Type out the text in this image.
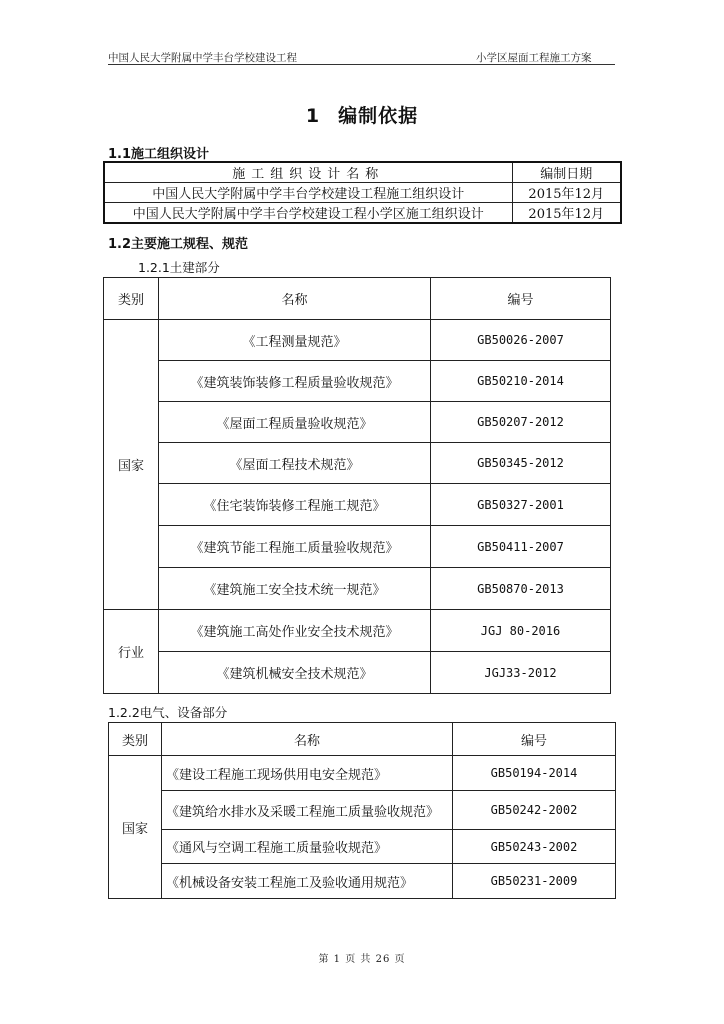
中国人民大学附属中学丰台学校建设工程	小学区屋面工程施工方案
1 编制依据
1.1施工组织设计
施工组织设计名称	编制日期
中国人民大学附属中学丰台学校建设工程施工组织设计	2015年12月
中国人民大学附属中学丰台学校建设工程小学区施工组织设计	2015年12月
1.2主要施工规程、规范
1.2.1土建部分
类别	名称	编号
国家	《工程测量规范》	GB50026-2007
	《建筑装饰装修工程质量验收规范》	GB50210-2014
	《屋面工程质量验收规范》	GB50207-2012
	《屋面工程技术规范》	GB50345-2012
	《住宅装饰装修工程施工规范》	GB50327-2001
	《建筑节能工程施工质量验收规范》	GB50411-2007
	《建筑施工安全技术统一规范》	GB50870-2013
行业	《建筑施工高处作业安全技术规范》	JGJ 80-2016
	《建筑机械安全技术规范》	JGJ33-2012
1.2.2电气、设备部分
类别	名称	编号
国家	《建设工程施工现场供用电安全规范》	GB50194-2014
	《建筑给水排水及采暖工程施工质量验收规范》	GB50242-2002
	《通风与空调工程施工质量验收规范》	GB50243-2002
	《机械设备安装工程施工及验收通用规范》	GB50231-2009
第 1 页 共 26 页
